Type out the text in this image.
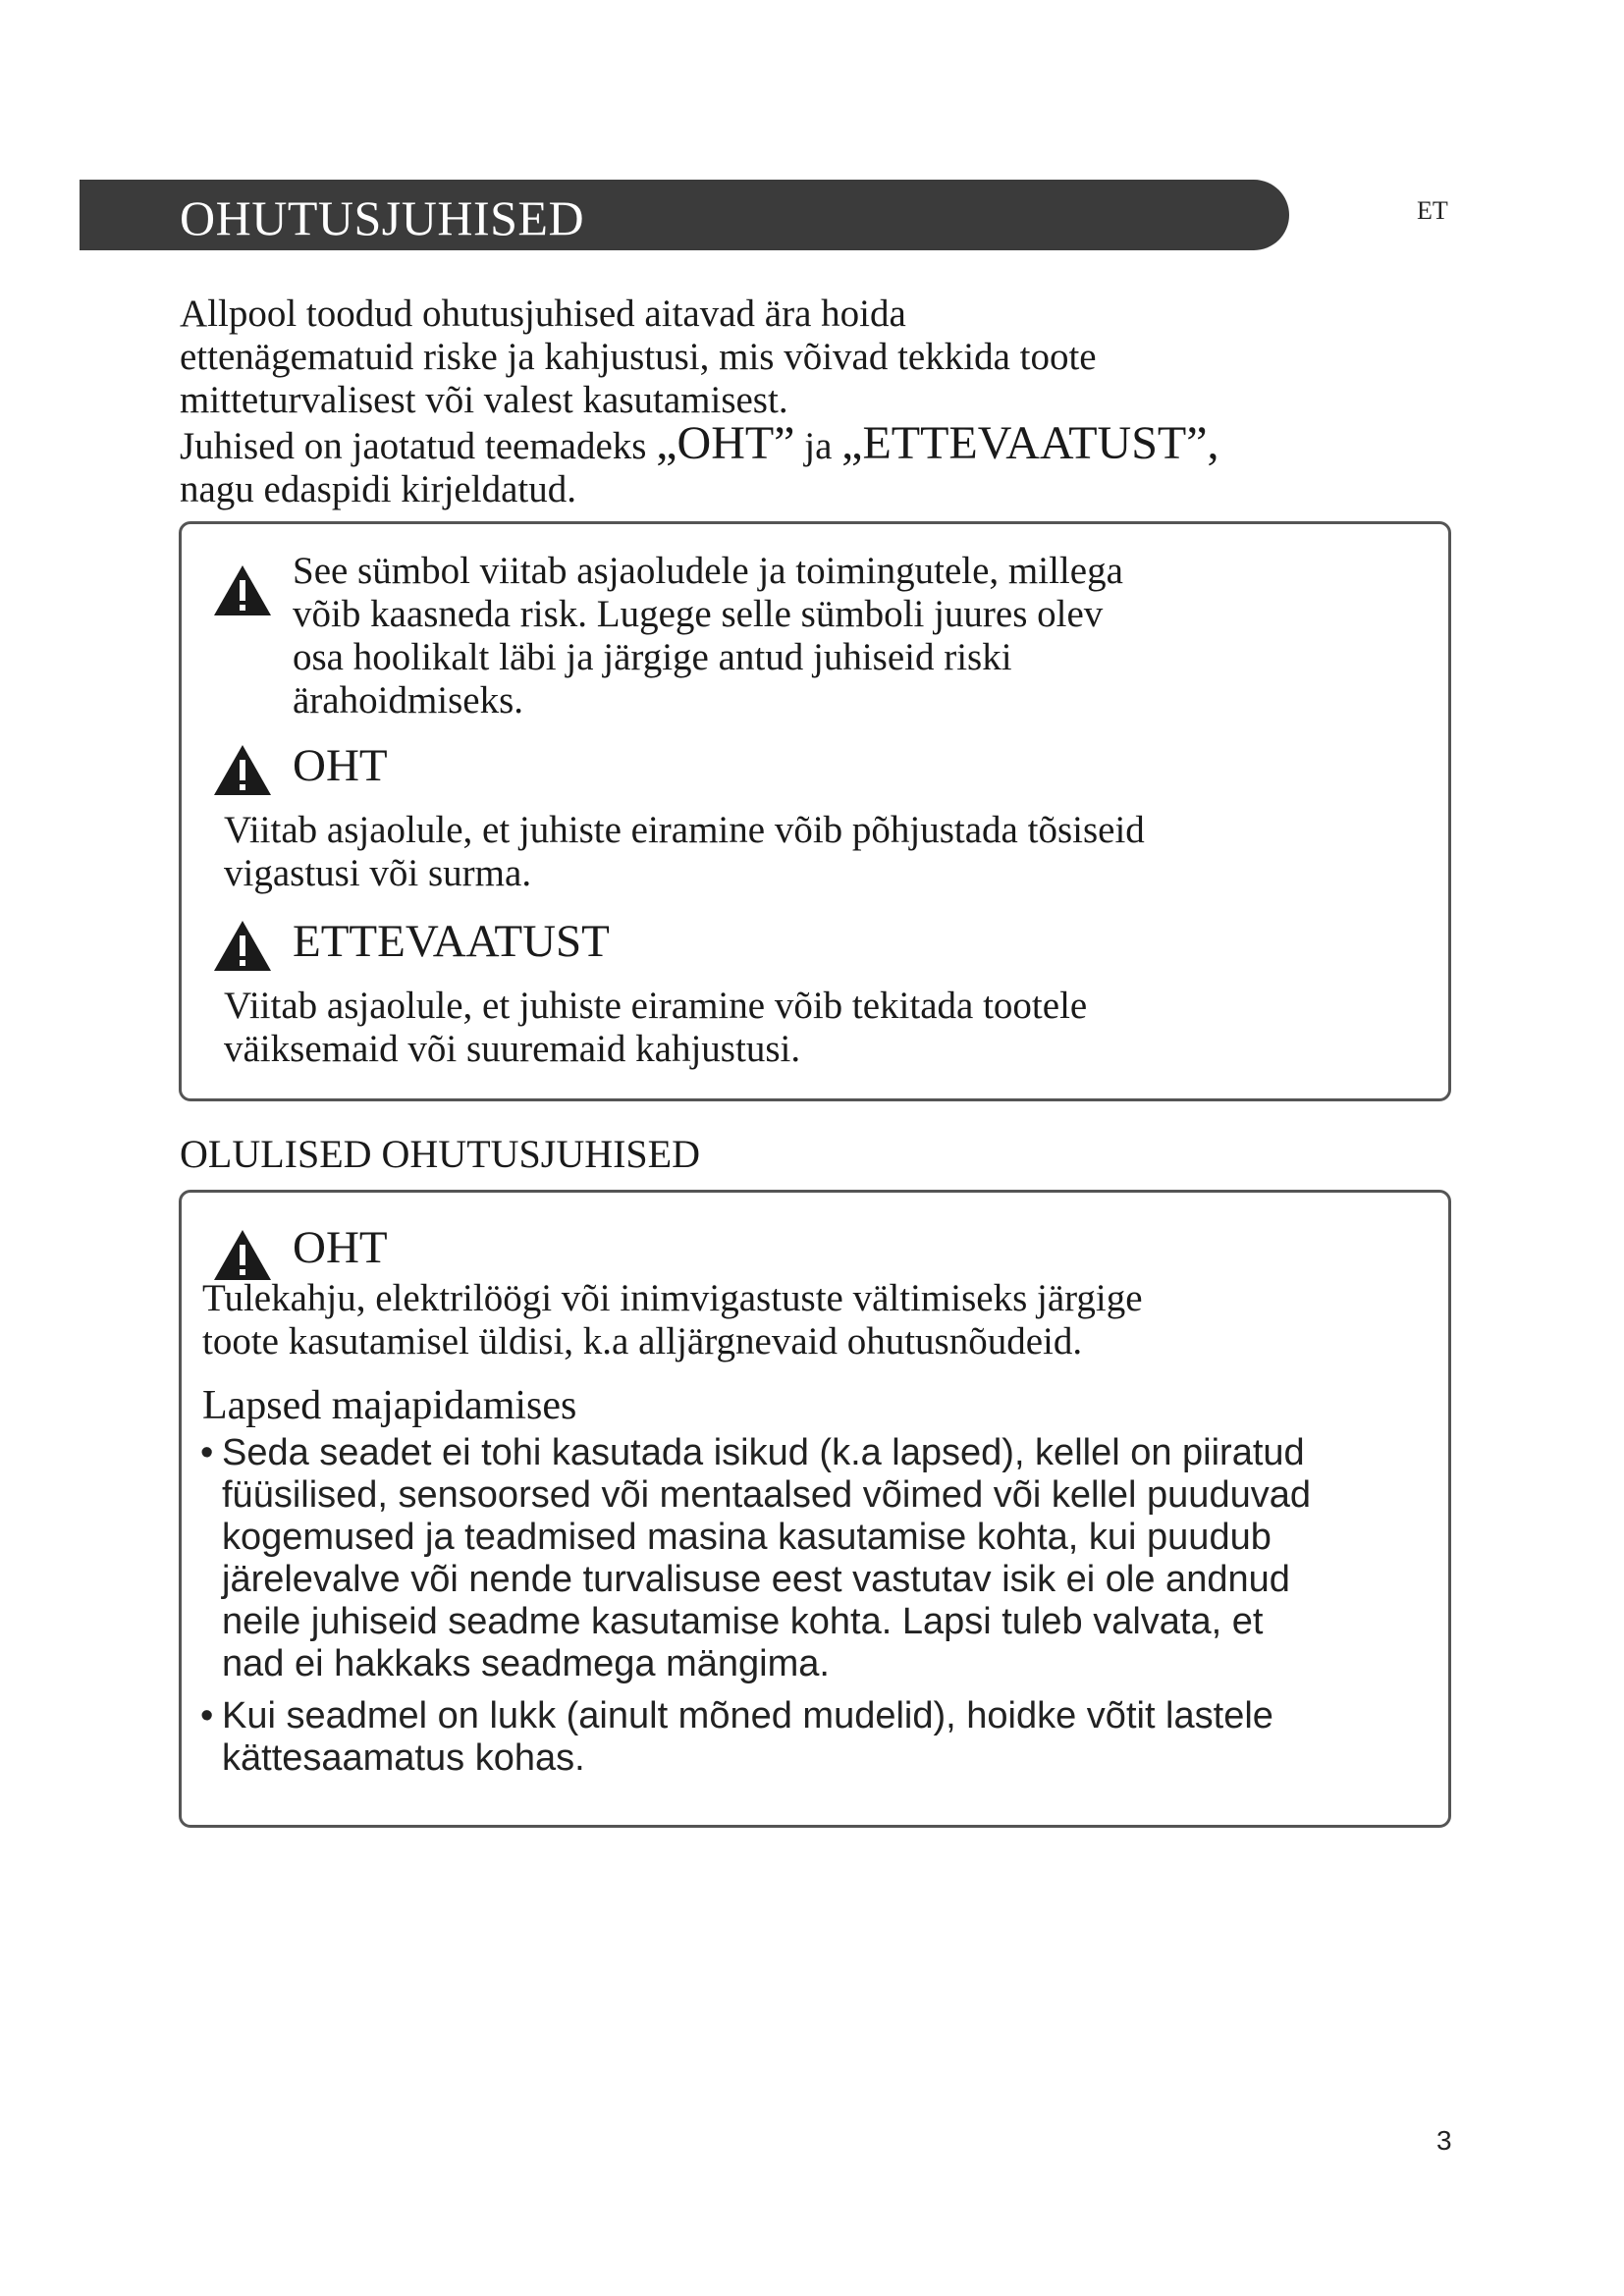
OHUTUSJUHISED	ET
Allpool toodud ohutusjuhised aitavad ära hoida
ettenägematuid riske ja kahjustusi, mis võivad tekkida toote
mitteturvalisest või valest kasutamisest.
Juhised on jaotatud teemadeks „OHT” ja „ETTEVAATUST”,
nagu edaspidi kirjeldatud.
See sümbol viitab asjaoludele ja toimingutele, millega
võib kaasneda risk. Lugege selle sümboli juures olev
osa hoolikalt läbi ja järgige antud juhiseid riski
ärahoidmiseks.
OHT
Viitab asjaolule, et juhiste eiramine võib põhjustada tõsiseid
vigastusi või surma.
ETTEVAATUST
Viitab asjaolule, et juhiste eiramine võib tekitada tootele
väiksemaid või suuremaid kahjustusi.
OLULISED OHUTUSJUHISED
OHT
Tulekahju, elektrilöögi või inimvigastuste vältimiseks järgige
toote kasutamisel üldisi, k.a alljärgnevaid ohutusnõudeid.
Lapsed majapidamises
• Seda seadet ei tohi kasutada isikud (k.a lapsed), kellel on piiratud
füüsilised, sensoorsed või mentaalsed võimed või kellel puuduvad
kogemused ja teadmised masina kasutamise kohta, kui puudub
järelevalve või nende turvalisuse eest vastutav isik ei ole andnud
neile juhiseid seadme kasutamise kohta. Lapsi tuleb valvata, et
nad ei hakkaks seadmega mängima.
• Kui seadmel on lukk (ainult mõned mudelid), hoidke võtit lastele
kättesaamatus kohas.
3
